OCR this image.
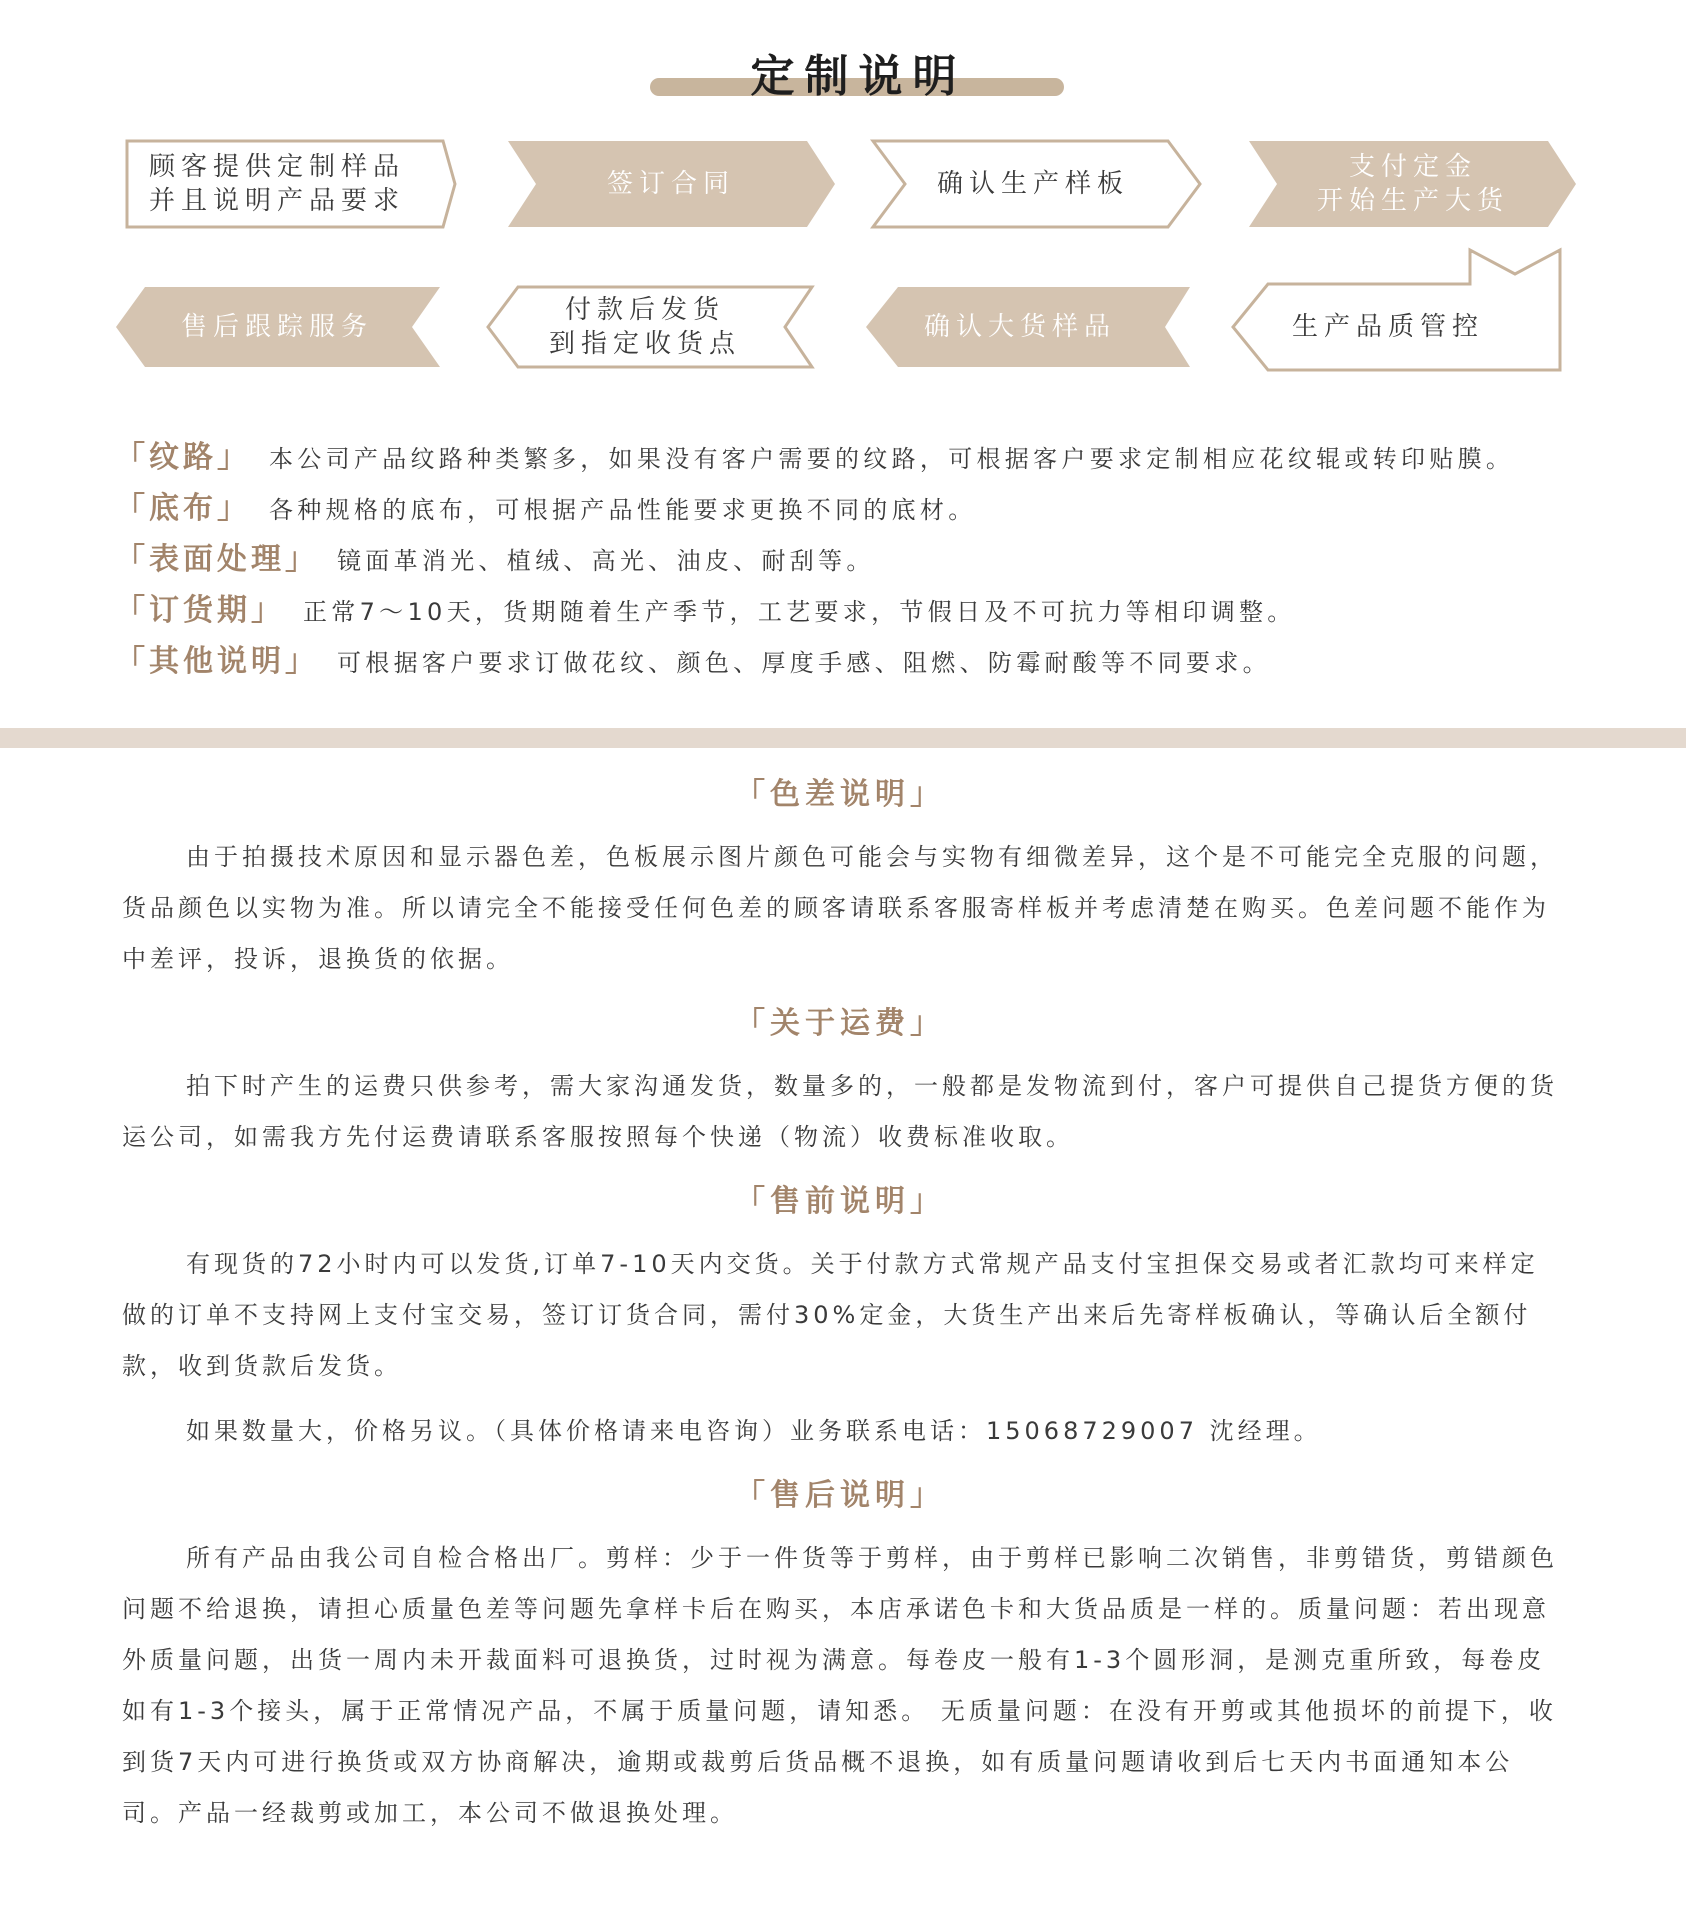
定制说明
顾客提供定制样品
并且说明产品要求
签订合同	确认生产样板
支付定金
开始生产大货
生产品质管控
确认大货样品
付款后发货
到指定收货点
售后跟踪服务
「纹路」 本公司产品纹路种类繁多，如果没有客户需要的纹路，可根据客户要求定制相应花纹辊或转印贴膜。
「底布」 各种规格的底布，可根据产品性能要求更换不同的底材。
「表面处理」 镜面革消光、植绒、高光、油皮、耐刮等。
「订货期」 正常7～10天，货期随着生产季节，工艺要求，节假日及不可抗力等相印调整。
「其他说明」 可根据客户要求订做花纹、颜色、厚度手感、阻燃、防霉耐酸等不同要求。
「色差说明」

由于拍摄技术原因和显示器色差，色板展示图片颜色可能会与实物有细微差异，这个是不可能完全克服的问题，货品颜色以实物为准。所以请完全不能接受任何色差的顾客请联系客服寄样板并考虑清楚在购买。色差问题不能作为中差评，投诉，退换货的依据。

「关于运费」

拍下时产生的运费只供参考，需大家沟通发货，数量多的，一般都是发物流到付，客户可提供自己提货方便的货运公司，如需我方先付运费请联系客服按照每个快递（物流）收费标准收取。

「售前说明」

有现货的72小时内可以发货,订单7-10天内交货。关于付款方式常规产品支付宝担保交易或者汇款均可来样定做的订单不支持网上支付宝交易，签订订货合同，需付30%定金，大货生产出来后先寄样板确认，等确认后全额付款，收到货款后发货。

如果数量大，价格另议。（具体价格请来电咨询）业务联系电话：15068729007 沈经理。

「售后说明」

所有产品由我公司自检合格出厂。剪样：少于一件货等于剪样，由于剪样已影响二次销售，非剪错货，剪错颜色问题不给退换，请担心质量色差等问题先拿样卡后在购买，本店承诺色卡和大货品质是一样的。质量问题：若出现意外质量问题，出货一周内未开裁面料可退换货，过时视为满意。每卷皮一般有1-3个圆形洞，是测克重所致，每卷皮如有1-3个接头，属于正常情况产品，不属于质量问题，请知悉。 无质量问题：在没有开剪或其他损坏的前提下，收到货7天内可进行换货或双方协商解决，逾期或裁剪后货品概不退换，如有质量问题请收到后七天内书面通知本公司。产品一经裁剪或加工，本公司不做退换处理。
